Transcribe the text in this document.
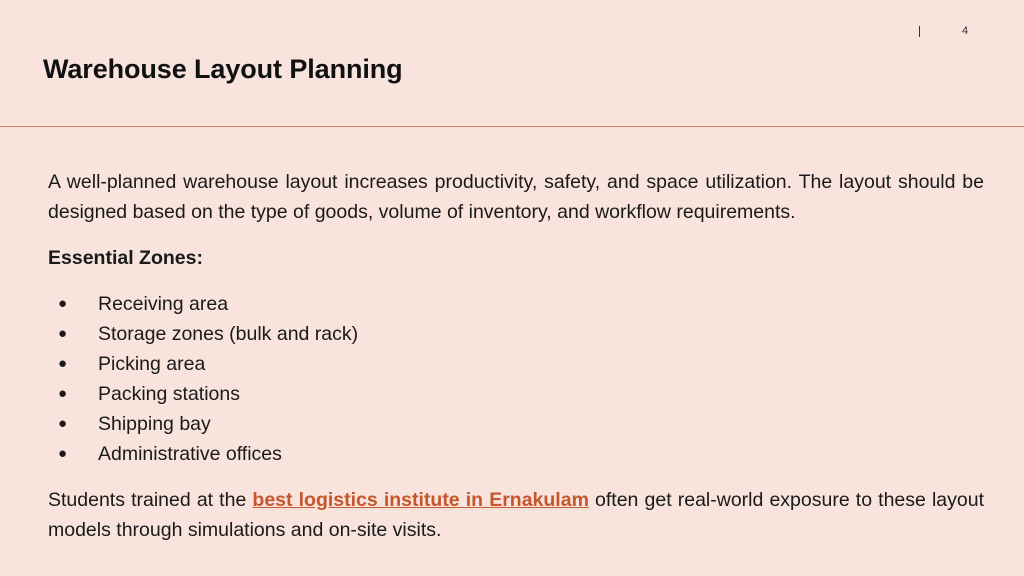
4
Warehouse Layout Planning

A well-planned warehouse layout increases productivity, safety, and space utilization. The layout should be designed based on the type of goods, volume of inventory, and workflow requirements.

Essential Zones:

●	Receiving area
●	Storage zones (bulk and rack)
●	Picking area
●	Packing stations
●	Shipping bay
●	Administrative offices

Students trained at the best logistics institute in Ernakulam often get real-world exposure to these layout models through simulations and on-site visits.
